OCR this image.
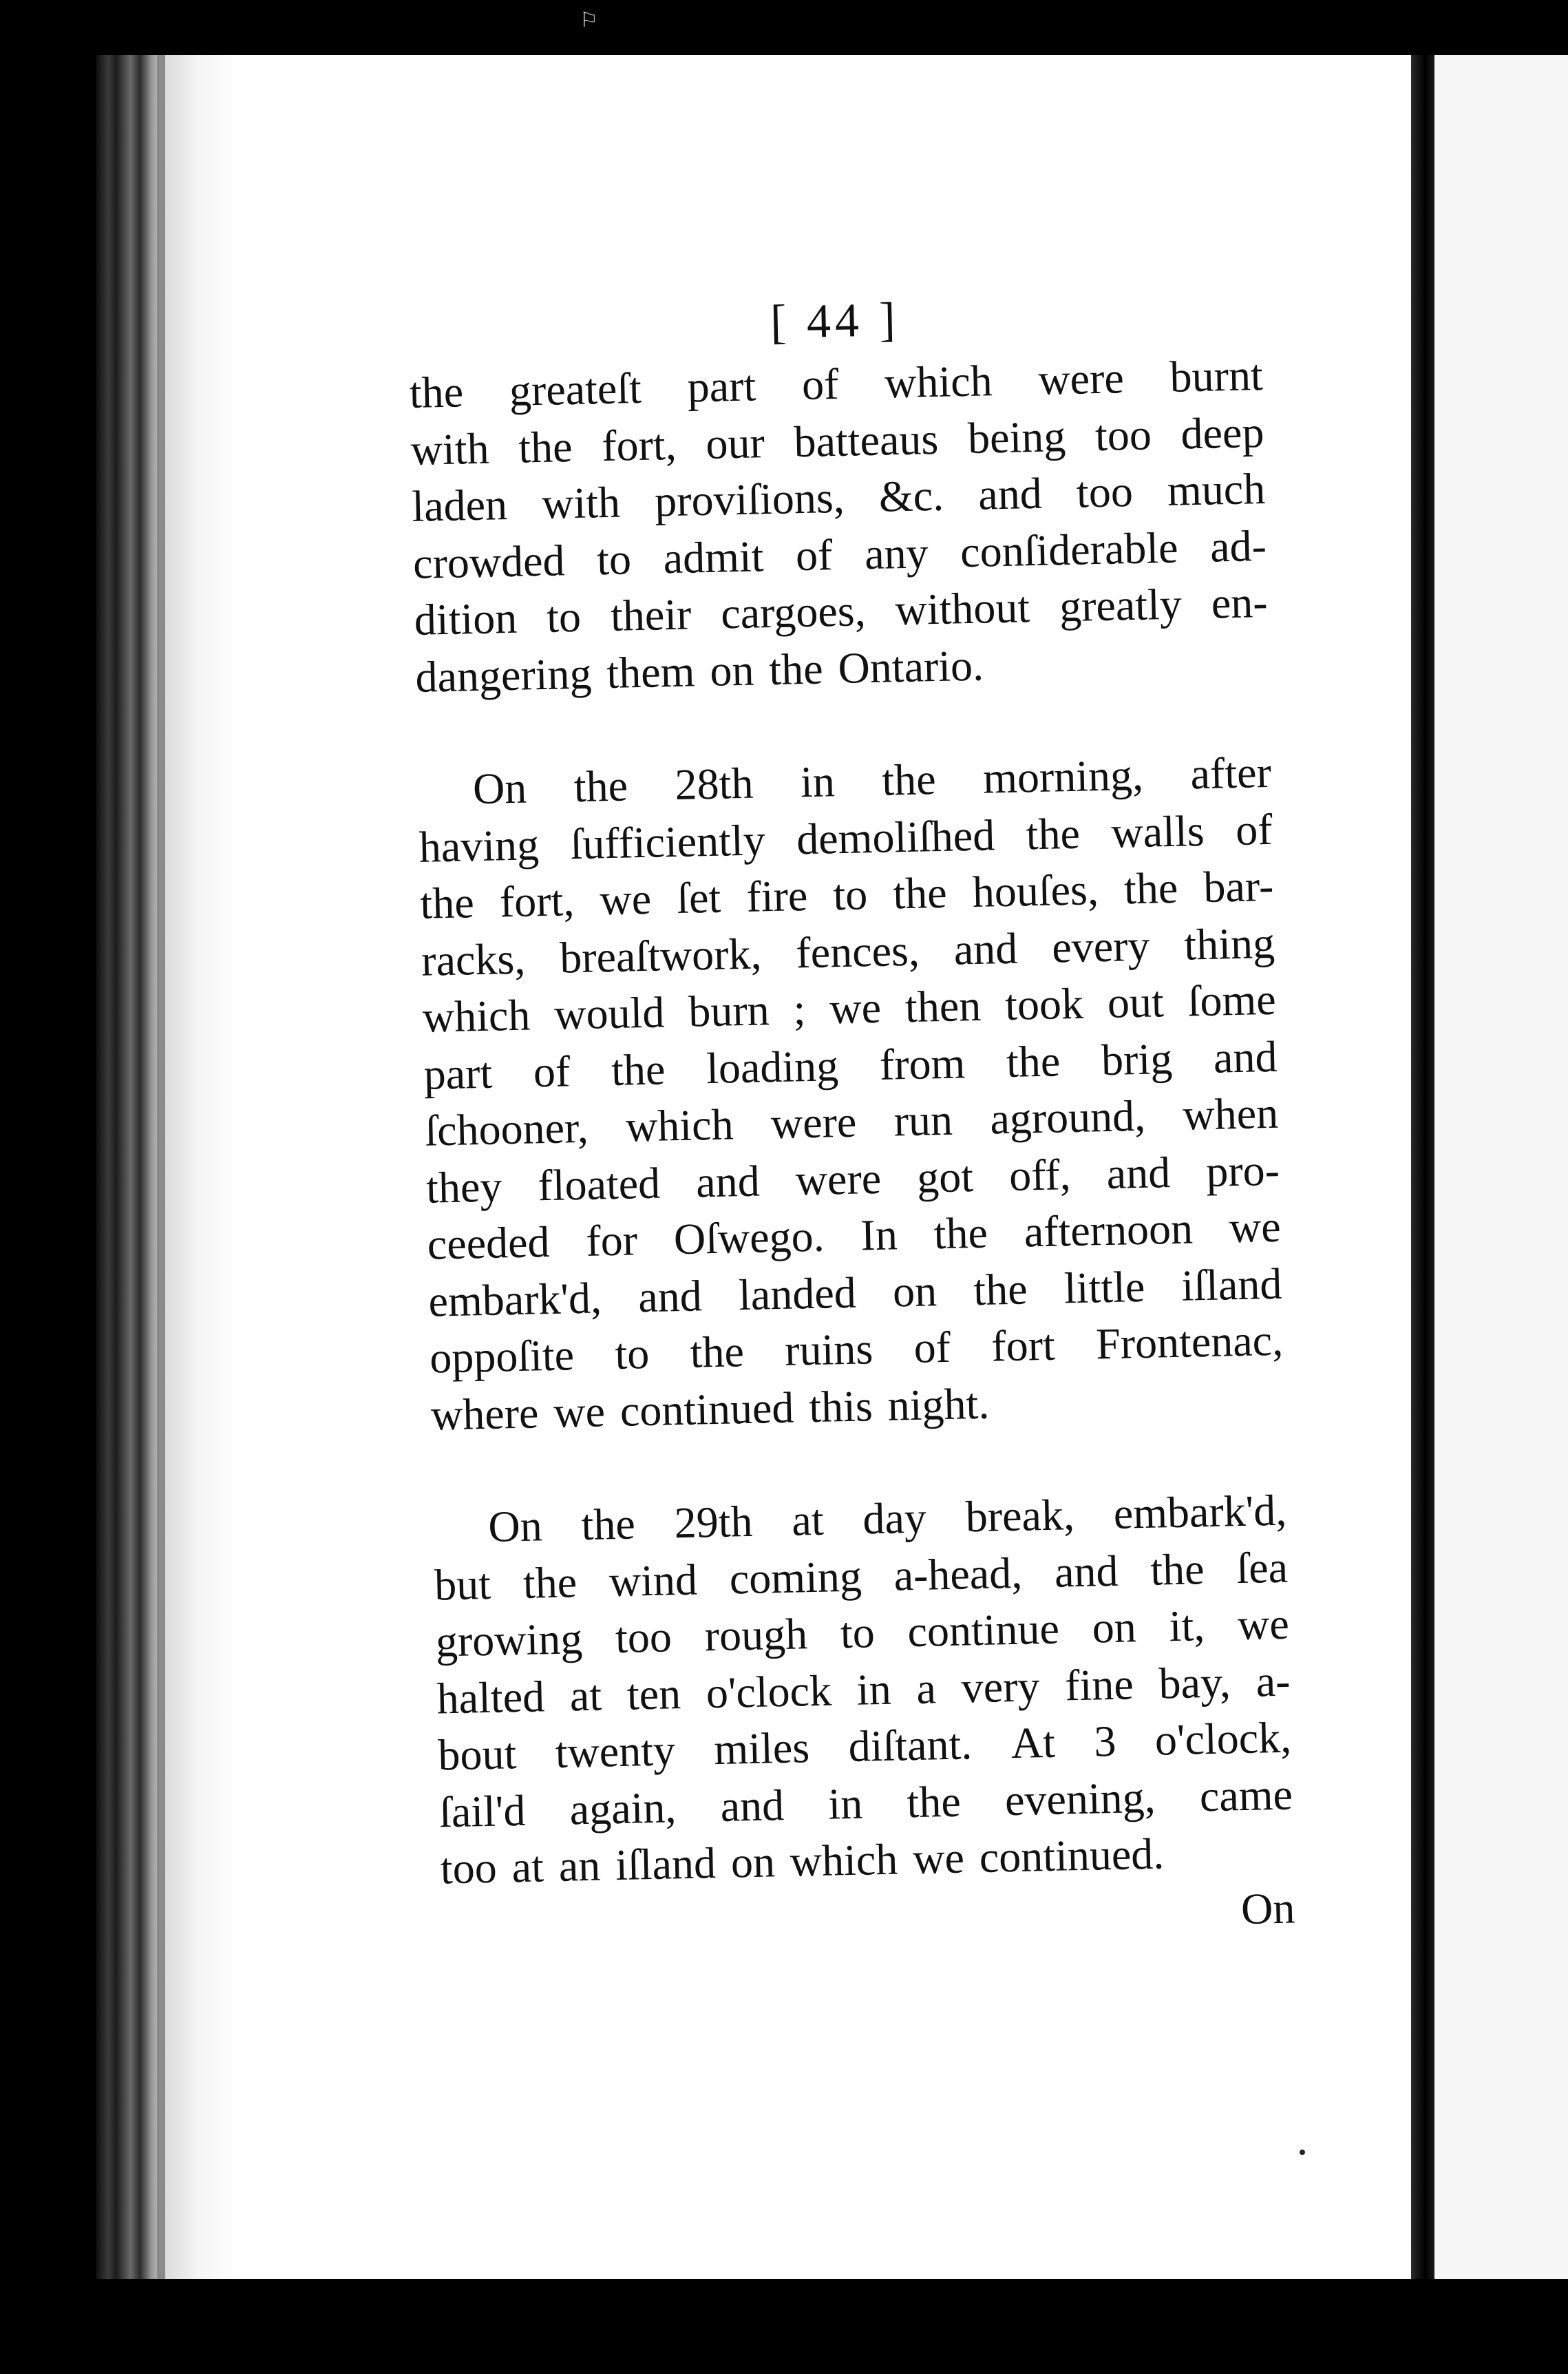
⚐
[ 44 ]
the greateſt part of which were burnt
with the fort, our batteaus being too deep
laden with proviſions, &c. and too much
crowded to admit of any conſiderable ad-
dition to their cargoes, without greatly en-
dangering them on the Ontario.
On the 28th in the morning, after
having ſufficiently demoliſhed the walls of
the fort, we ſet fire to the houſes, the bar-
racks, breaſtwork, fences, and every thing
which would burn ; we then took out ſome
part of the loading from the brig and
ſchooner, which were run aground, when
they floated and were got off, and pro-
ceeded for Oſwego. In the afternoon we
embark'd, and landed on the little iſland
oppoſite to the ruins of fort Frontenac,
where we continued this night.
On the 29th at day break, embark'd,
but the wind coming a-head, and the ſea
growing too rough to continue on it, we
halted at ten o'clock in a very fine bay, a-
bout twenty miles diſtant. At 3 o'clock,
ſail'd again, and in the evening, came
too at an iſland on which we continued.
On
